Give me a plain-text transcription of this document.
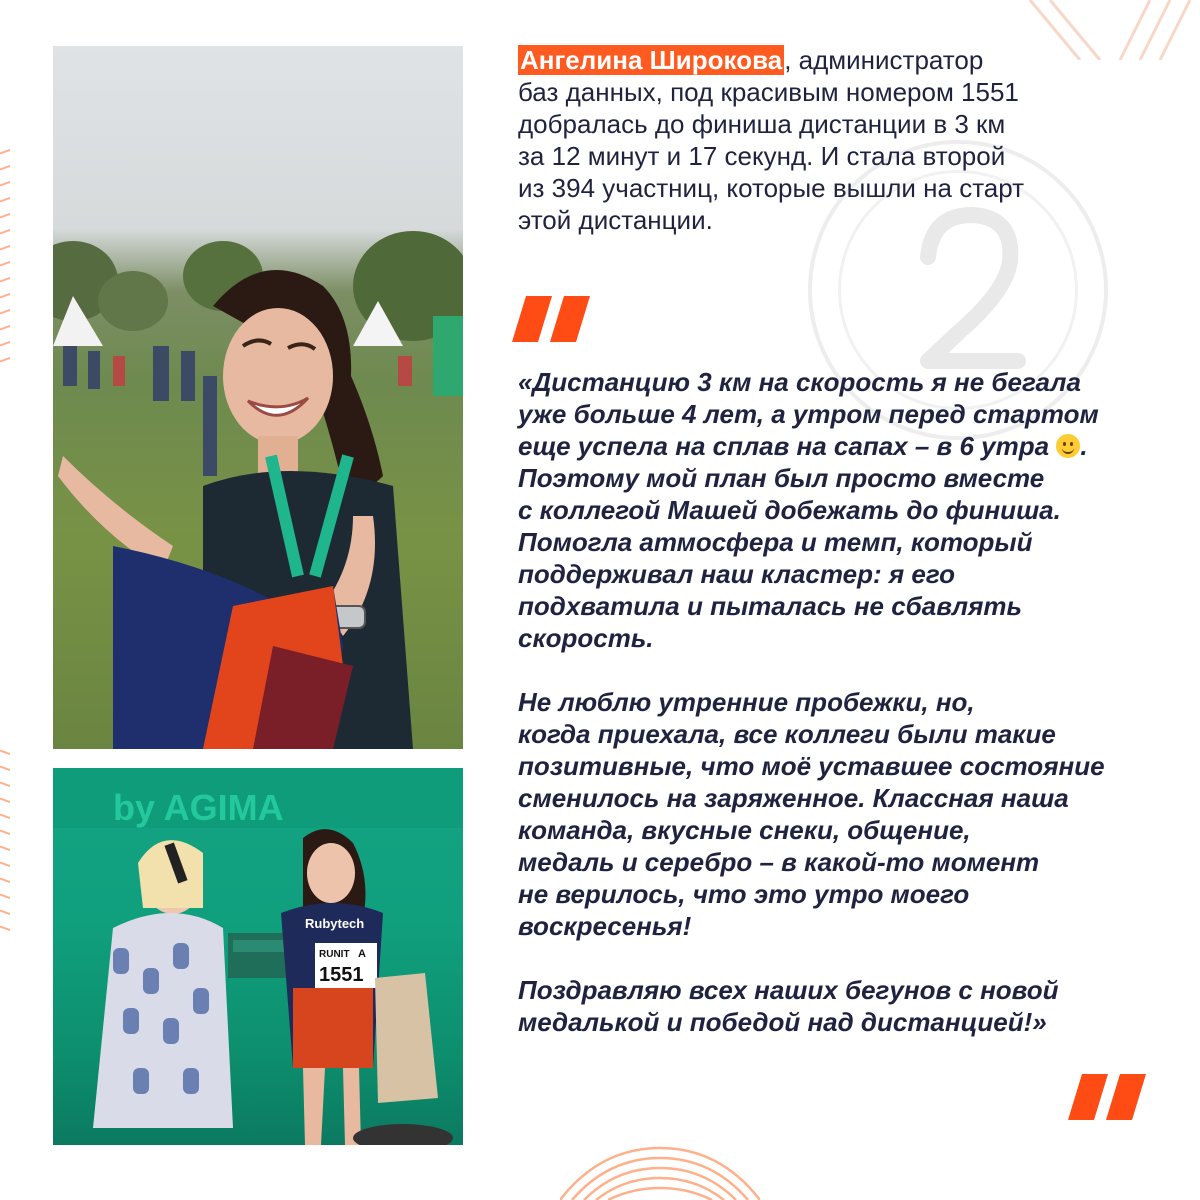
by AGIMA
Rubytech
RUNIT A
1551

Ангелина Широкова, администратор
баз данных, под красивым номером 1551
добралась до финиша дистанции в 3 км
за 12 минут и 17 секунд. И стала второй
из 394 участниц, которые вышли на старт
этой дистанции.

«Дистанцию 3 км на скорость я не бегала
уже больше 4 лет, а утром перед стартом
еще успела на сплав на сапах – в 6 утра .
Поэтому мой план был просто вместе
с коллегой Машей добежать до финиша.
Помогла атмосфера и темп, который
поддерживал наш кластер: я его
подхватила и пыталась не сбавлять
скорость.

Не люблю утренние пробежки, но,
когда приехала, все коллеги были такие
позитивные, что моё уставшее состояние
сменилось на заряженное. Классная наша
команда, вкусные снеки, общение,
медаль и серебро – в какой-то момент
не верилось, что это утро моего
воскресенья!

Поздравляю всех наших бегунов с новой
медалькой и победой над дистанцией!»
